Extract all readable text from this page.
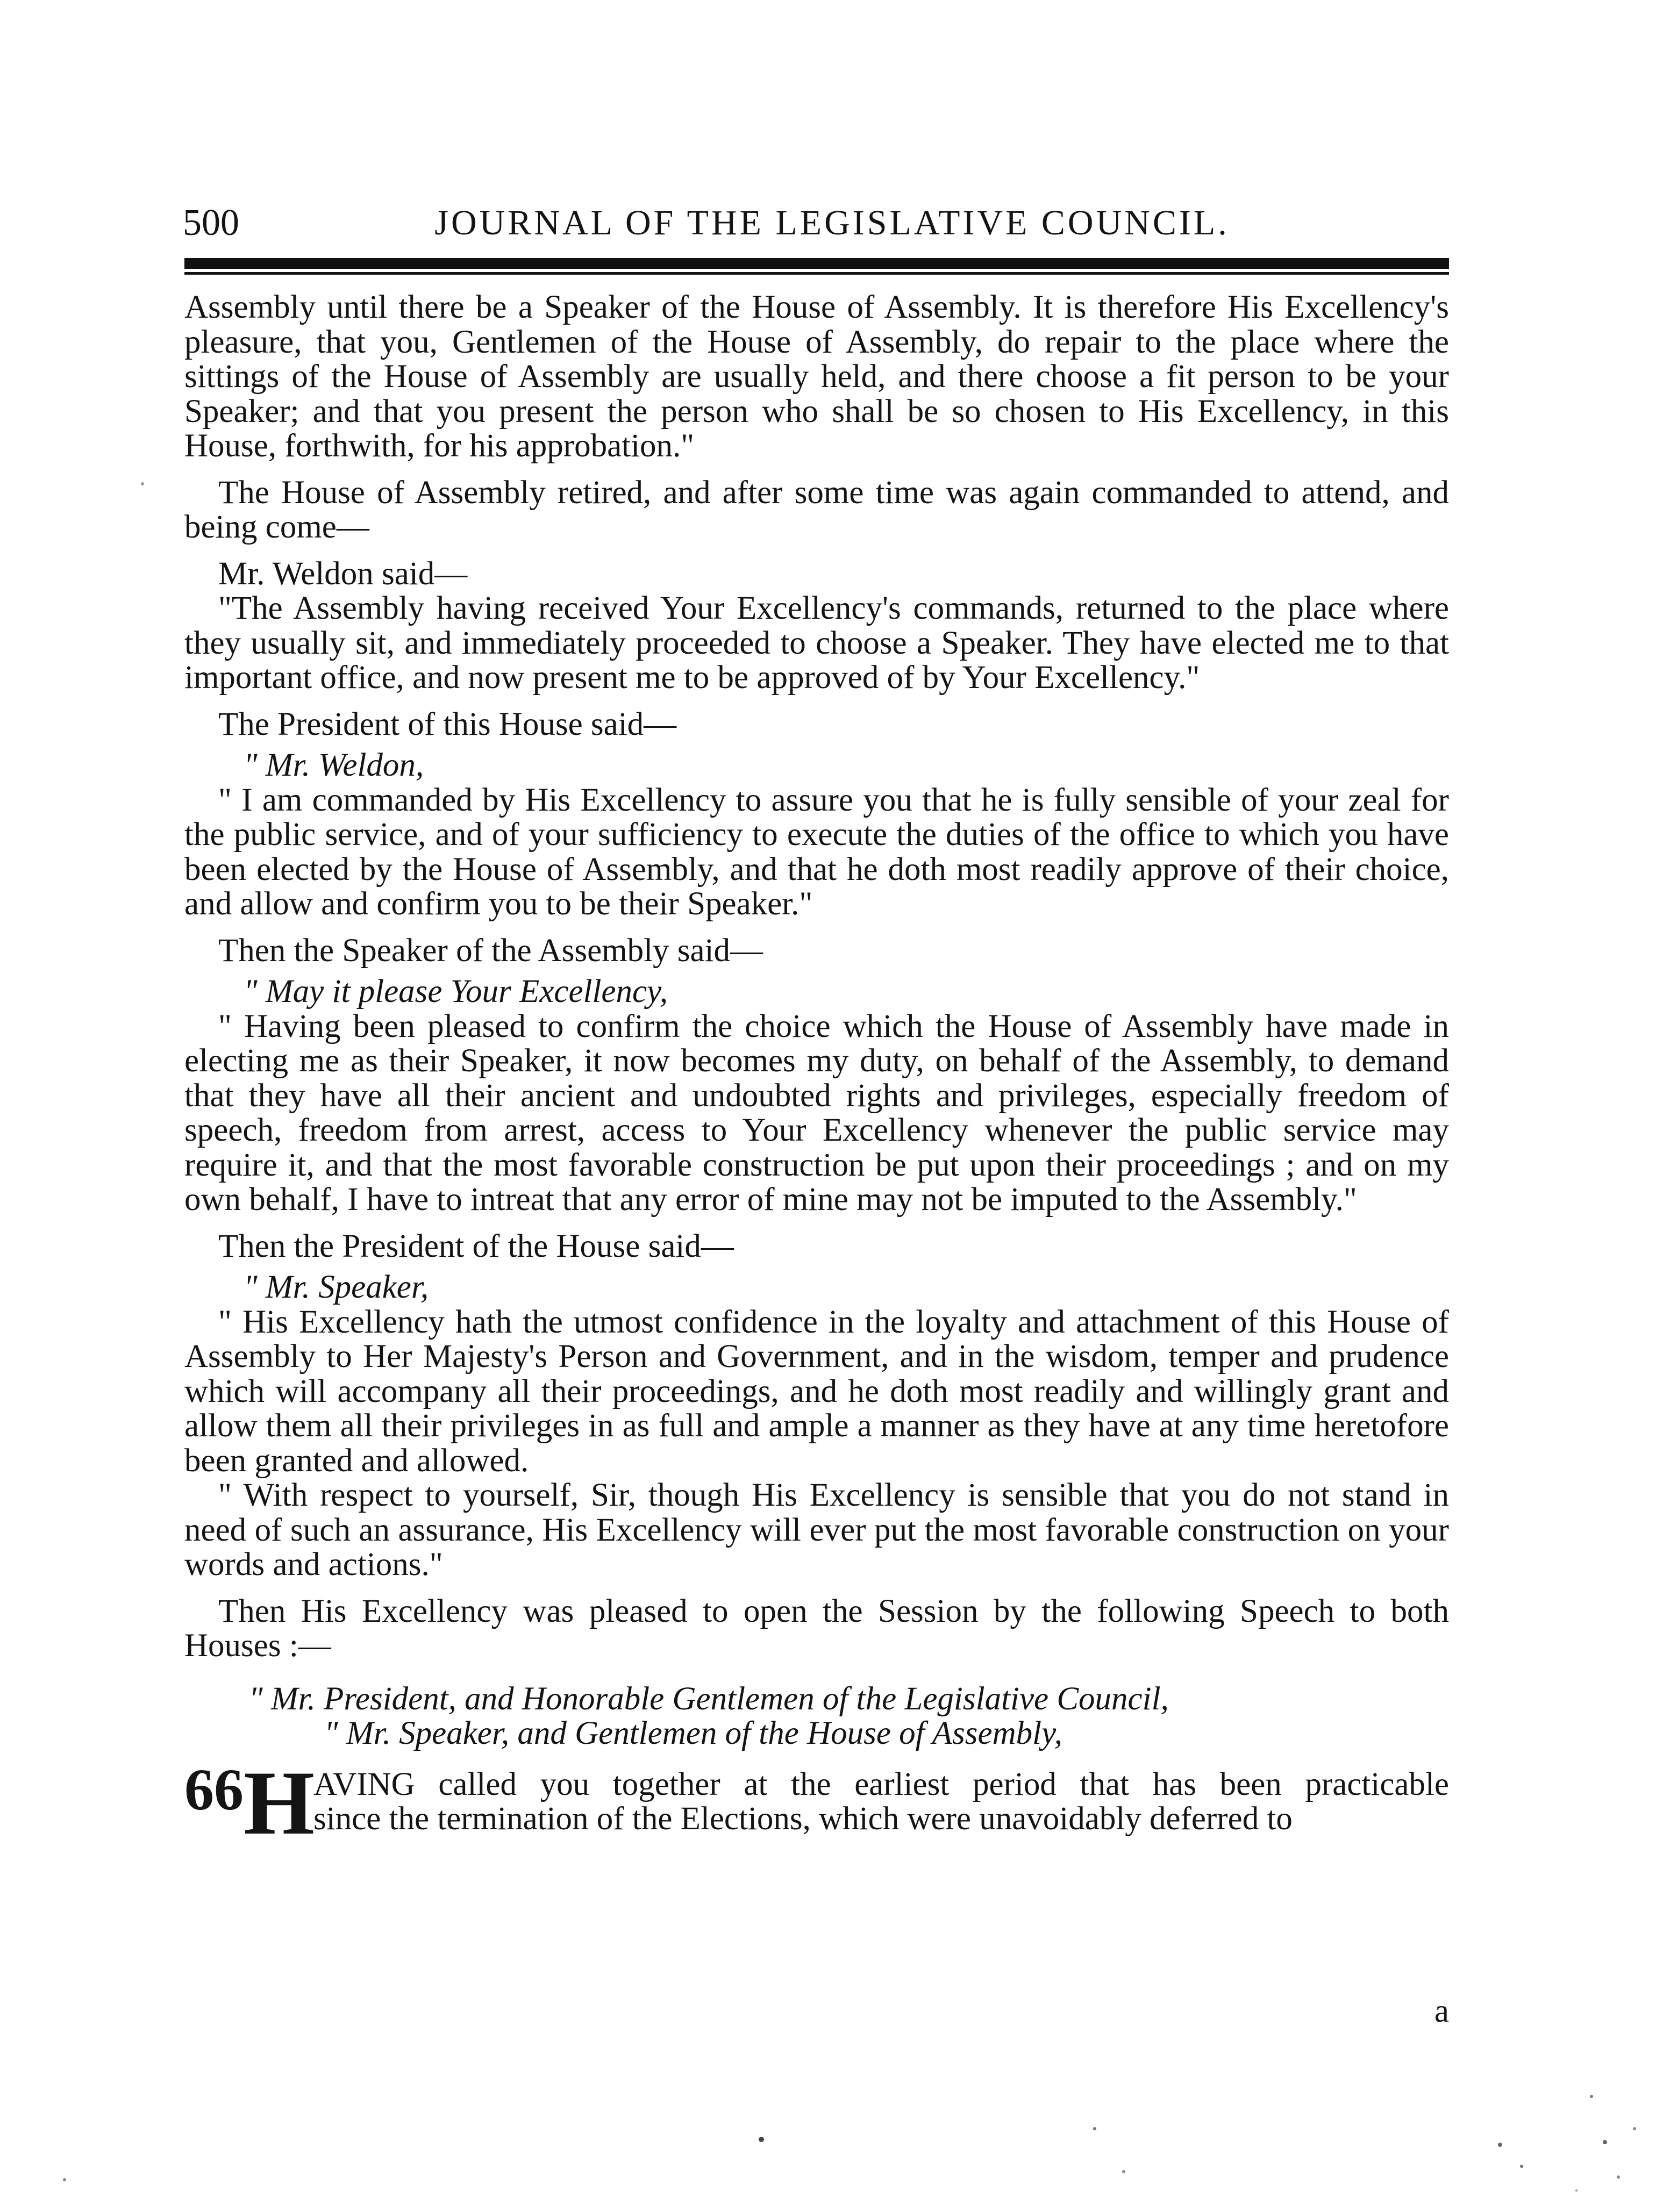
500	JOURNAL OF THE LEGISLATIVE COUNCIL.

Assembly until there be a Speaker of the House of Assembly. It is therefore His Excellency's pleasure, that you, Gentlemen of the House of Assembly, do repair to the place where the sittings of the House of Assembly are usually held, and there choose a fit person to be your Speaker; and that you present the person who shall be so chosen to His Excellency, in this House, forthwith, for his approbation."

The House of Assembly retired, and after some time was again commanded to attend, and being come—

Mr. Weldon said—

"The Assembly having received Your Excellency's commands, returned to the place where they usually sit, and immediately proceeded to choose a Speaker. They have elected me to that important office, and now present me to be approved of by Your Excellency."

The President of this House said—

" Mr. Weldon,

" I am commanded by His Excellency to assure you that he is fully sensible of your zeal for the public service, and of your sufficiency to execute the duties of the office to which you have been elected by the House of Assembly, and that he doth most readily approve of their choice, and allow and confirm you to be their Speaker."

Then the Speaker of the Assembly said—

" May it please Your Excellency,

" Having been pleased to confirm the choice which the House of Assembly have made in electing me as their Speaker, it now becomes my duty, on behalf of the Assembly, to demand that they have all their ancient and undoubted rights and privileges, especially freedom of speech, freedom from arrest, access to Your Excellency whenever the public service may require it, and that the most favorable construction be put upon their proceedings ; and on my own behalf, I have to intreat that any error of mine may not be imputed to the Assembly."

Then the President of the House said—

" Mr. Speaker,

" His Excellency hath the utmost confidence in the loyalty and attachment of this House of Assembly to Her Majesty's Person and Government, and in the wisdom, temper and prudence which will accompany all their proceedings, and he doth most readily and willingly grant and allow them all their privileges in as full and ample a manner as they have at any time heretofore been granted and allowed.

" With respect to yourself, Sir, though His Excellency is sensible that you do not stand in need of such an assurance, His Excellency will ever put the most favorable construction on your words and actions."

Then His Excellency was pleased to open the Session by the following Speech to both Houses :—

" Mr. President, and Honorable Gentlemen of the Legislative Council,

" Mr. Speaker, and Gentlemen of the House of Assembly,

66 H

AVING called you together at the earliest period that has been practicable

since the termination of the Elections, which were unavoidably deferred to

a
